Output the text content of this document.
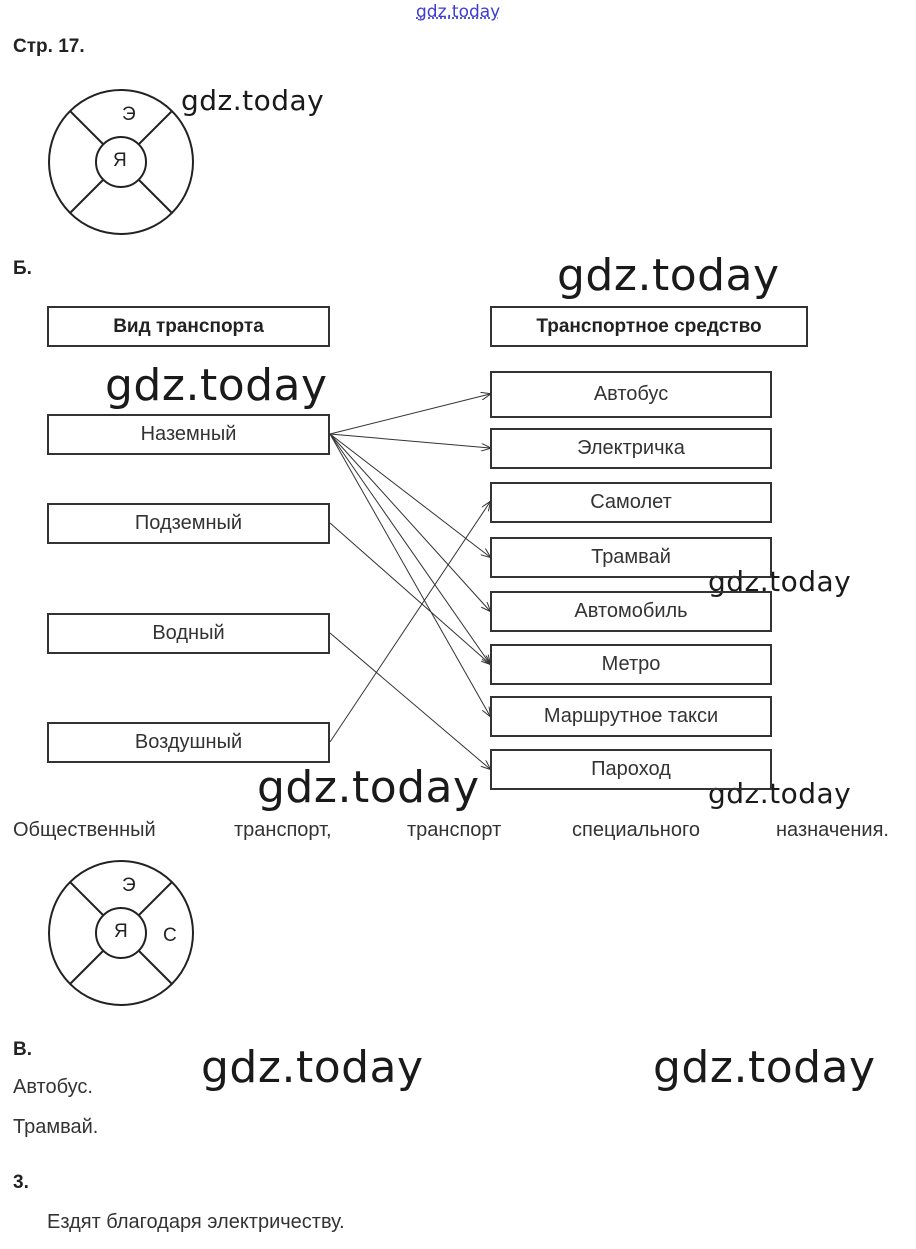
gdz.today
Стр. 17.
Э
Я
gdz.today
gdz.today
gdz.today
gdz.today
gdz.today	gdz.today
gdz.today	gdz.today
Б.
Вид транспорта	Транспортное средство
Наземный
Подземный
Водный
Воздушный
Автобус
Электричка
Самолет
Трамвай
Автомобиль
Метро
Маршрутное такси
Пароход
Общественный	транспорт,	транспорт	специального	назначения.
Э
Я С
В.
Автобус.
Трамвай.
3.
Ездят благодаря электричеству.
